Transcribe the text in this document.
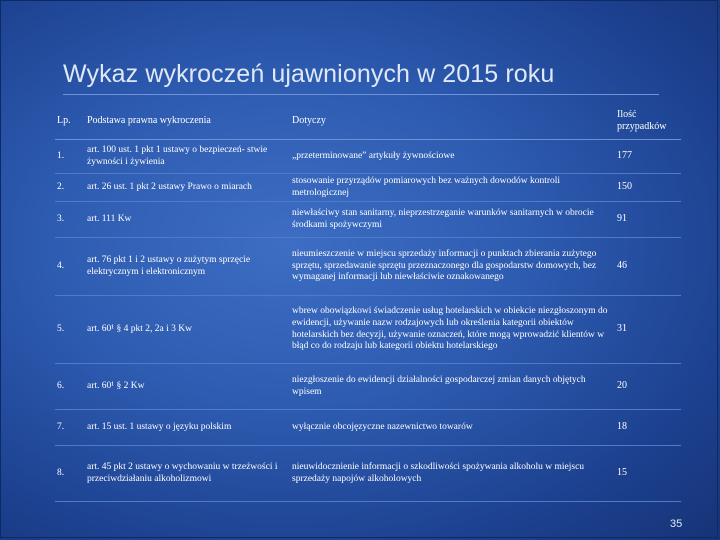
Wykaz wykroczeń ujawnionych w 2015 roku
Lp.	Podstawa prawna wykroczenia	Dotyczy	Ilość przypadków
1.	art. 100 ust. 1 pkt 1 ustawy o bezpieczeń- stwie żywności i żywienia	„przeterminowane” artykuły żywnościowe	177
2.	art. 26 ust. 1 pkt 2 ustawy Prawo o miarach	stosowanie przyrządów pomiarowych bez ważnych dowodów kontroli metrologicznej	150
3.	art. 111 Kw	niewłaściwy stan sanitarny, nieprzestrzeganie warunków sanitarnych w obrocie środkami spożywczymi	91
4.	art. 76 pkt 1 i 2 ustawy o zużytym sprzęcie elektrycznym i elektronicznym	nieumieszczenie w miejscu sprzedaży informacji o punktach zbierania zużytego sprzętu, sprzedawanie sprzętu przeznaczonego dla gospodarstw domowych, bez wymaganej informacji lub niewłaściwie oznakowanego	46
5.	art. 60¹ § 4 pkt 2, 2a i 3 Kw	wbrew obowiązkowi świadczenie usług hotelarskich w obiekcie niezgłoszonym do ewidencji, używanie nazw rodzajowych lub określenia kategorii obiektów hotelarskich bez decyzji, używanie oznaczeń, które mogą wprowadzić klientów w błąd co do rodzaju lub kategorii obiektu hotelarskiego	31
6.	art. 60¹ § 2 Kw	niezgłoszenie do ewidencji działalności gospodarczej zmian danych objętych wpisem	20
7.	art. 15 ust. 1 ustawy o języku polskim	wyłącznie obcojęzyczne nazewnictwo towarów	18
8.	art. 45 pkt 2 ustawy o wychowaniu w trzeźwości i przeciwdziałaniu alkoholizmowi	nieuwidocznienie informacji o szkodliwości spożywania alkoholu w miejscu sprzedaży napojów alkoholowych	15
35
